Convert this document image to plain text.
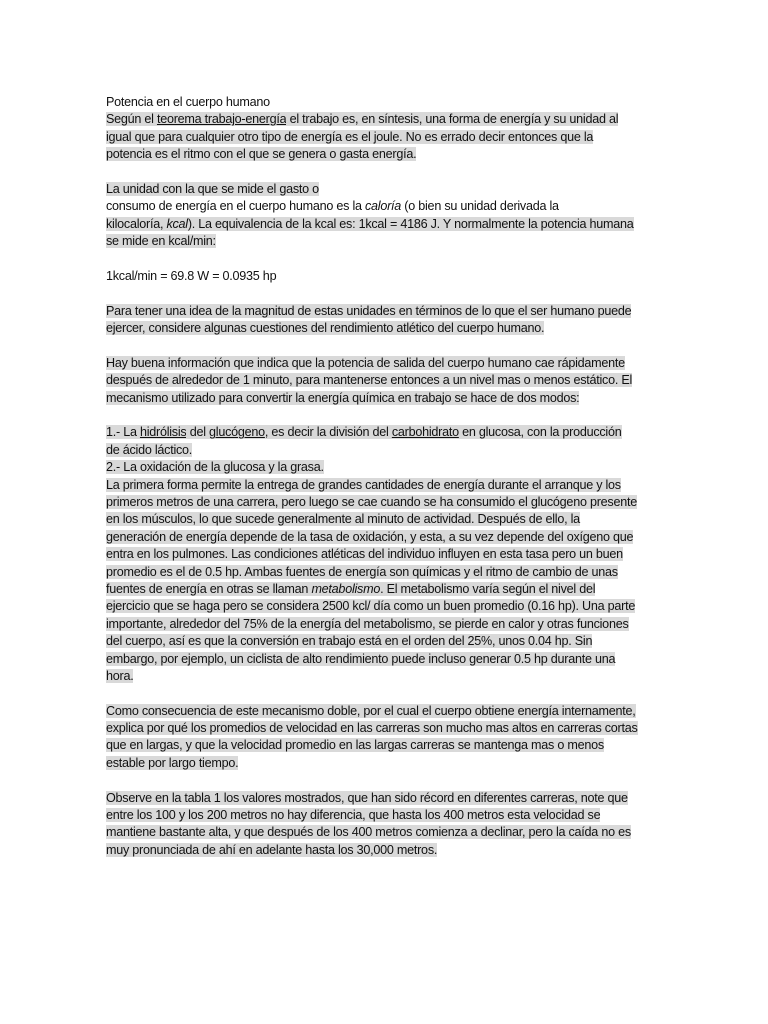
Potencia en el cuerpo humano
Según el teorema trabajo-energía el trabajo es, en síntesis, una forma de energía y su unidad al
igual que para cualquier otro tipo de energía es el joule. No es errado decir entonces que la
potencia es el ritmo con el que se genera o gasta energía.
La unidad con la que se mide el gasto o
consumo de energía en el cuerpo humano es la caloría (o bien su unidad derivada la
kilocaloría, kcal). La equivalencia de la kcal es: 1kcal = 4186 J. Y normalmente la potencia humana
se mide en kcal/min:
1kcal/min = 69.8 W = 0.0935 hp
Para tener una idea de la magnitud de estas unidades en términos de lo que el ser humano puede
ejercer, considere algunas cuestiones del rendimiento atlético del cuerpo humano.
Hay buena información que indica que la potencia de salida del cuerpo humano cae rápidamente
después de alrededor de 1 minuto, para mantenerse entonces a un nivel mas o menos estático. El
mecanismo utilizado para convertir la energía química en trabajo se hace de dos modos:
1.- La hidrólisis del glucógeno, es decir la división del carbohidrato en glucosa, con la producción
de ácido láctico.
2.- La oxidación de la glucosa y la grasa.
La primera forma permite la entrega de grandes cantidades de energía durante el arranque y los
primeros metros de una carrera, pero luego se cae cuando se ha consumido el glucógeno presente
en los músculos, lo que sucede generalmente al minuto de actividad. Después de ello, la
generación de energía depende de la tasa de oxidación, y esta, a su vez depende del oxígeno que
entra en los pulmones. Las condiciones atléticas del individuo influyen en esta tasa pero un buen
promedio es el de 0.5 hp. Ambas fuentes de energía son químicas y el ritmo de cambio de unas
fuentes de energía en otras se llaman metabolismo. El metabolismo varía según el nivel del
ejercicio que se haga pero se considera 2500 kcl/ día como un buen promedio (0.16 hp). Una parte
importante, alrededor del 75% de la energía del metabolismo, se pierde en calor y otras funciones
del cuerpo, así es que la conversión en trabajo está en el orden del 25%, unos 0.04 hp. Sin
embargo, por ejemplo, un ciclista de alto rendimiento puede incluso generar 0.5 hp durante una
hora.
Como consecuencia de este mecanismo doble, por el cual el cuerpo obtiene energía internamente,
explica por qué los promedios de velocidad en las carreras son mucho mas altos en carreras cortas
que en largas, y que la velocidad promedio en las largas carreras se mantenga mas o menos
estable por largo tiempo.
Observe en la tabla 1 los valores mostrados, que han sido récord en diferentes carreras, note que
entre los 100 y los 200 metros no hay diferencia, que hasta los 400 metros esta velocidad se
mantiene bastante alta, y que después de los 400 metros comienza a declinar, pero la caída no es
muy pronunciada de ahí en adelante hasta los 30,000 metros.
